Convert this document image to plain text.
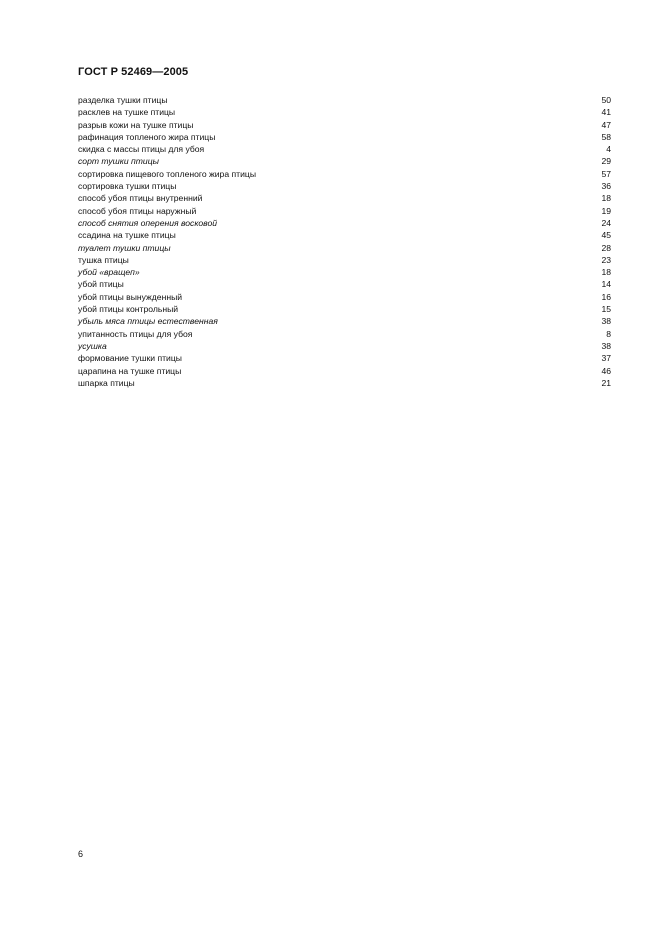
ГОСТ Р 52469—2005
разделка тушки птицы	50
расклев на тушке птицы	41
разрыв кожи на тушке птицы	47
рафинация топленого жира птицы	58
скидка с массы птицы для убоя	4
сорт тушки птицы	29
сортировка пищевого топленого жира птицы	57
сортировка тушки птицы	36
способ убоя птицы внутренний	18
способ убоя птицы наружный	19
способ снятия оперения восковой	24
ссадина на тушке птицы	45
туалет тушки птицы	28
тушка птицы	23
убой «вращеп»	18
убой птицы	14
убой птицы вынужденный	16
убой птицы контрольный	15
убыль мяса птицы естественная	38
упитанность птицы для убоя	8
усушка	38
формование тушки птицы	37
царапина на тушке птицы	46
шпарка птицы	21
6
